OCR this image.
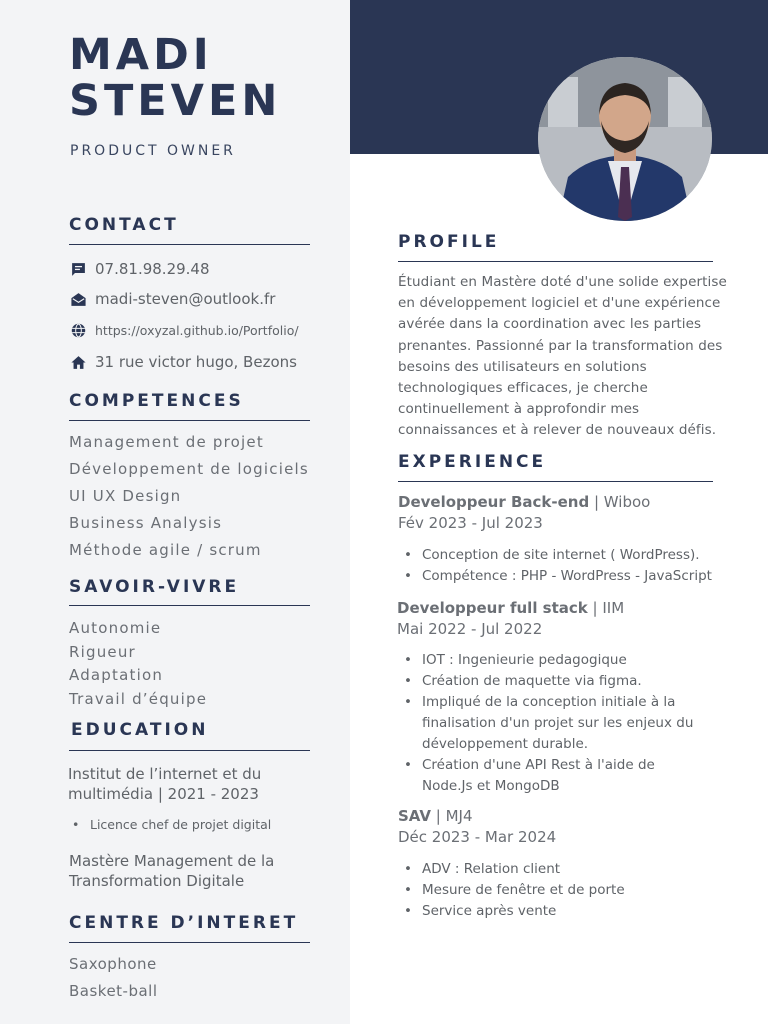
MADI
STEVEN
PRODUCT OWNER
CONTACT
07.81.98.29.48
madi-steven@outlook.fr
https://oxyzal.github.io/Portfolio/
31 rue victor hugo, Bezons
COMPETENCES
Management de projet
Développement de logiciels
UI UX Design
Business Analysis
Méthode agile / scrum
SAVOIR-VIVRE
Autonomie
Rigueur
Adaptation
Travail d’équipe
EDUCATION
Institut de l’internet et du
multimédia | 2021 - 2023
• Licence chef de projet digital
Mastère Management de la
Transformation Digitale
CENTRE D’INTERET
Saxophone
Basket-ball
PROFILE
Étudiant en Mastère doté d'une solide expertise
en développement logiciel et d'une expérience
avérée dans la coordination avec les parties
prenantes. Passionné par la transformation des
besoins des utilisateurs en solutions
technologiques efficaces, je cherche
continuellement à approfondir mes
connaissances et à relever de nouveaux défis.
EXPERIENCE
Developpeur Back-end | Wiboo
Fév 2023 - Jul 2023
• Conception de site internet ( WordPress).
• Compétence : PHP - WordPress - JavaScript
Developpeur full stack | IIM
Mai 2022 - Jul 2022
• IOT : Ingenieurie pedagogique
• Création de maquette via figma.
• Impliqué de la conception initiale à la
finalisation d'un projet sur les enjeux du
développement durable.
• Création d'une API Rest à l'aide de
Node.Js et MongoDB
SAV | MJ4
Déc 2023 - Mar 2024
• ADV : Relation client
• Mesure de fenêtre et de porte
• Service après vente
